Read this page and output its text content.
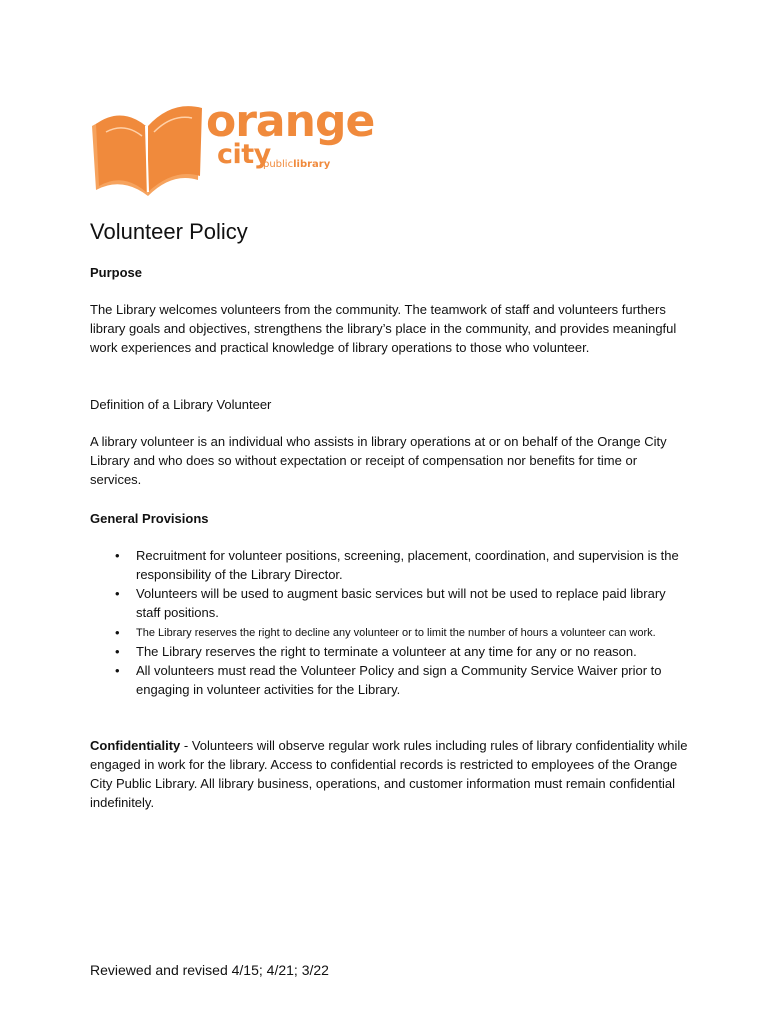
orange
city
publiclibrary
Volunteer Policy
Purpose
The Library welcomes volunteers from the community. The teamwork of staff and volunteers furthers library goals and objectives, strengthens the library’s place in the community, and provides meaningful work experiences and practical knowledge of library operations to those who volunteer.
Definition of a Library Volunteer
A library volunteer is an individual who assists in library operations at or on behalf of the Orange City Library and who does so without expectation or receipt of compensation nor benefits for time or services.
General Provisions
• Recruitment for volunteer positions, screening, placement, coordination, and supervision is the responsibility of the Library Director.
• Volunteers will be used to augment basic services but will not be used to replace paid library staff positions.
• The Library reserves the right to decline any volunteer or to limit the number of hours a volunteer can work.
• The Library reserves the right to terminate a volunteer at any time for any or no reason.
• All volunteers must read the Volunteer Policy and sign a Community Service Waiver prior to engaging in volunteer activities for the Library.
Confidentiality - Volunteers will observe regular work rules including rules of library confidentiality while engaged in work for the library. Access to confidential records is restricted to employees of the Orange City Public Library. All library business, operations, and customer information must remain confidential indefinitely.
Reviewed and revised 4/15; 4/21; 3/22
